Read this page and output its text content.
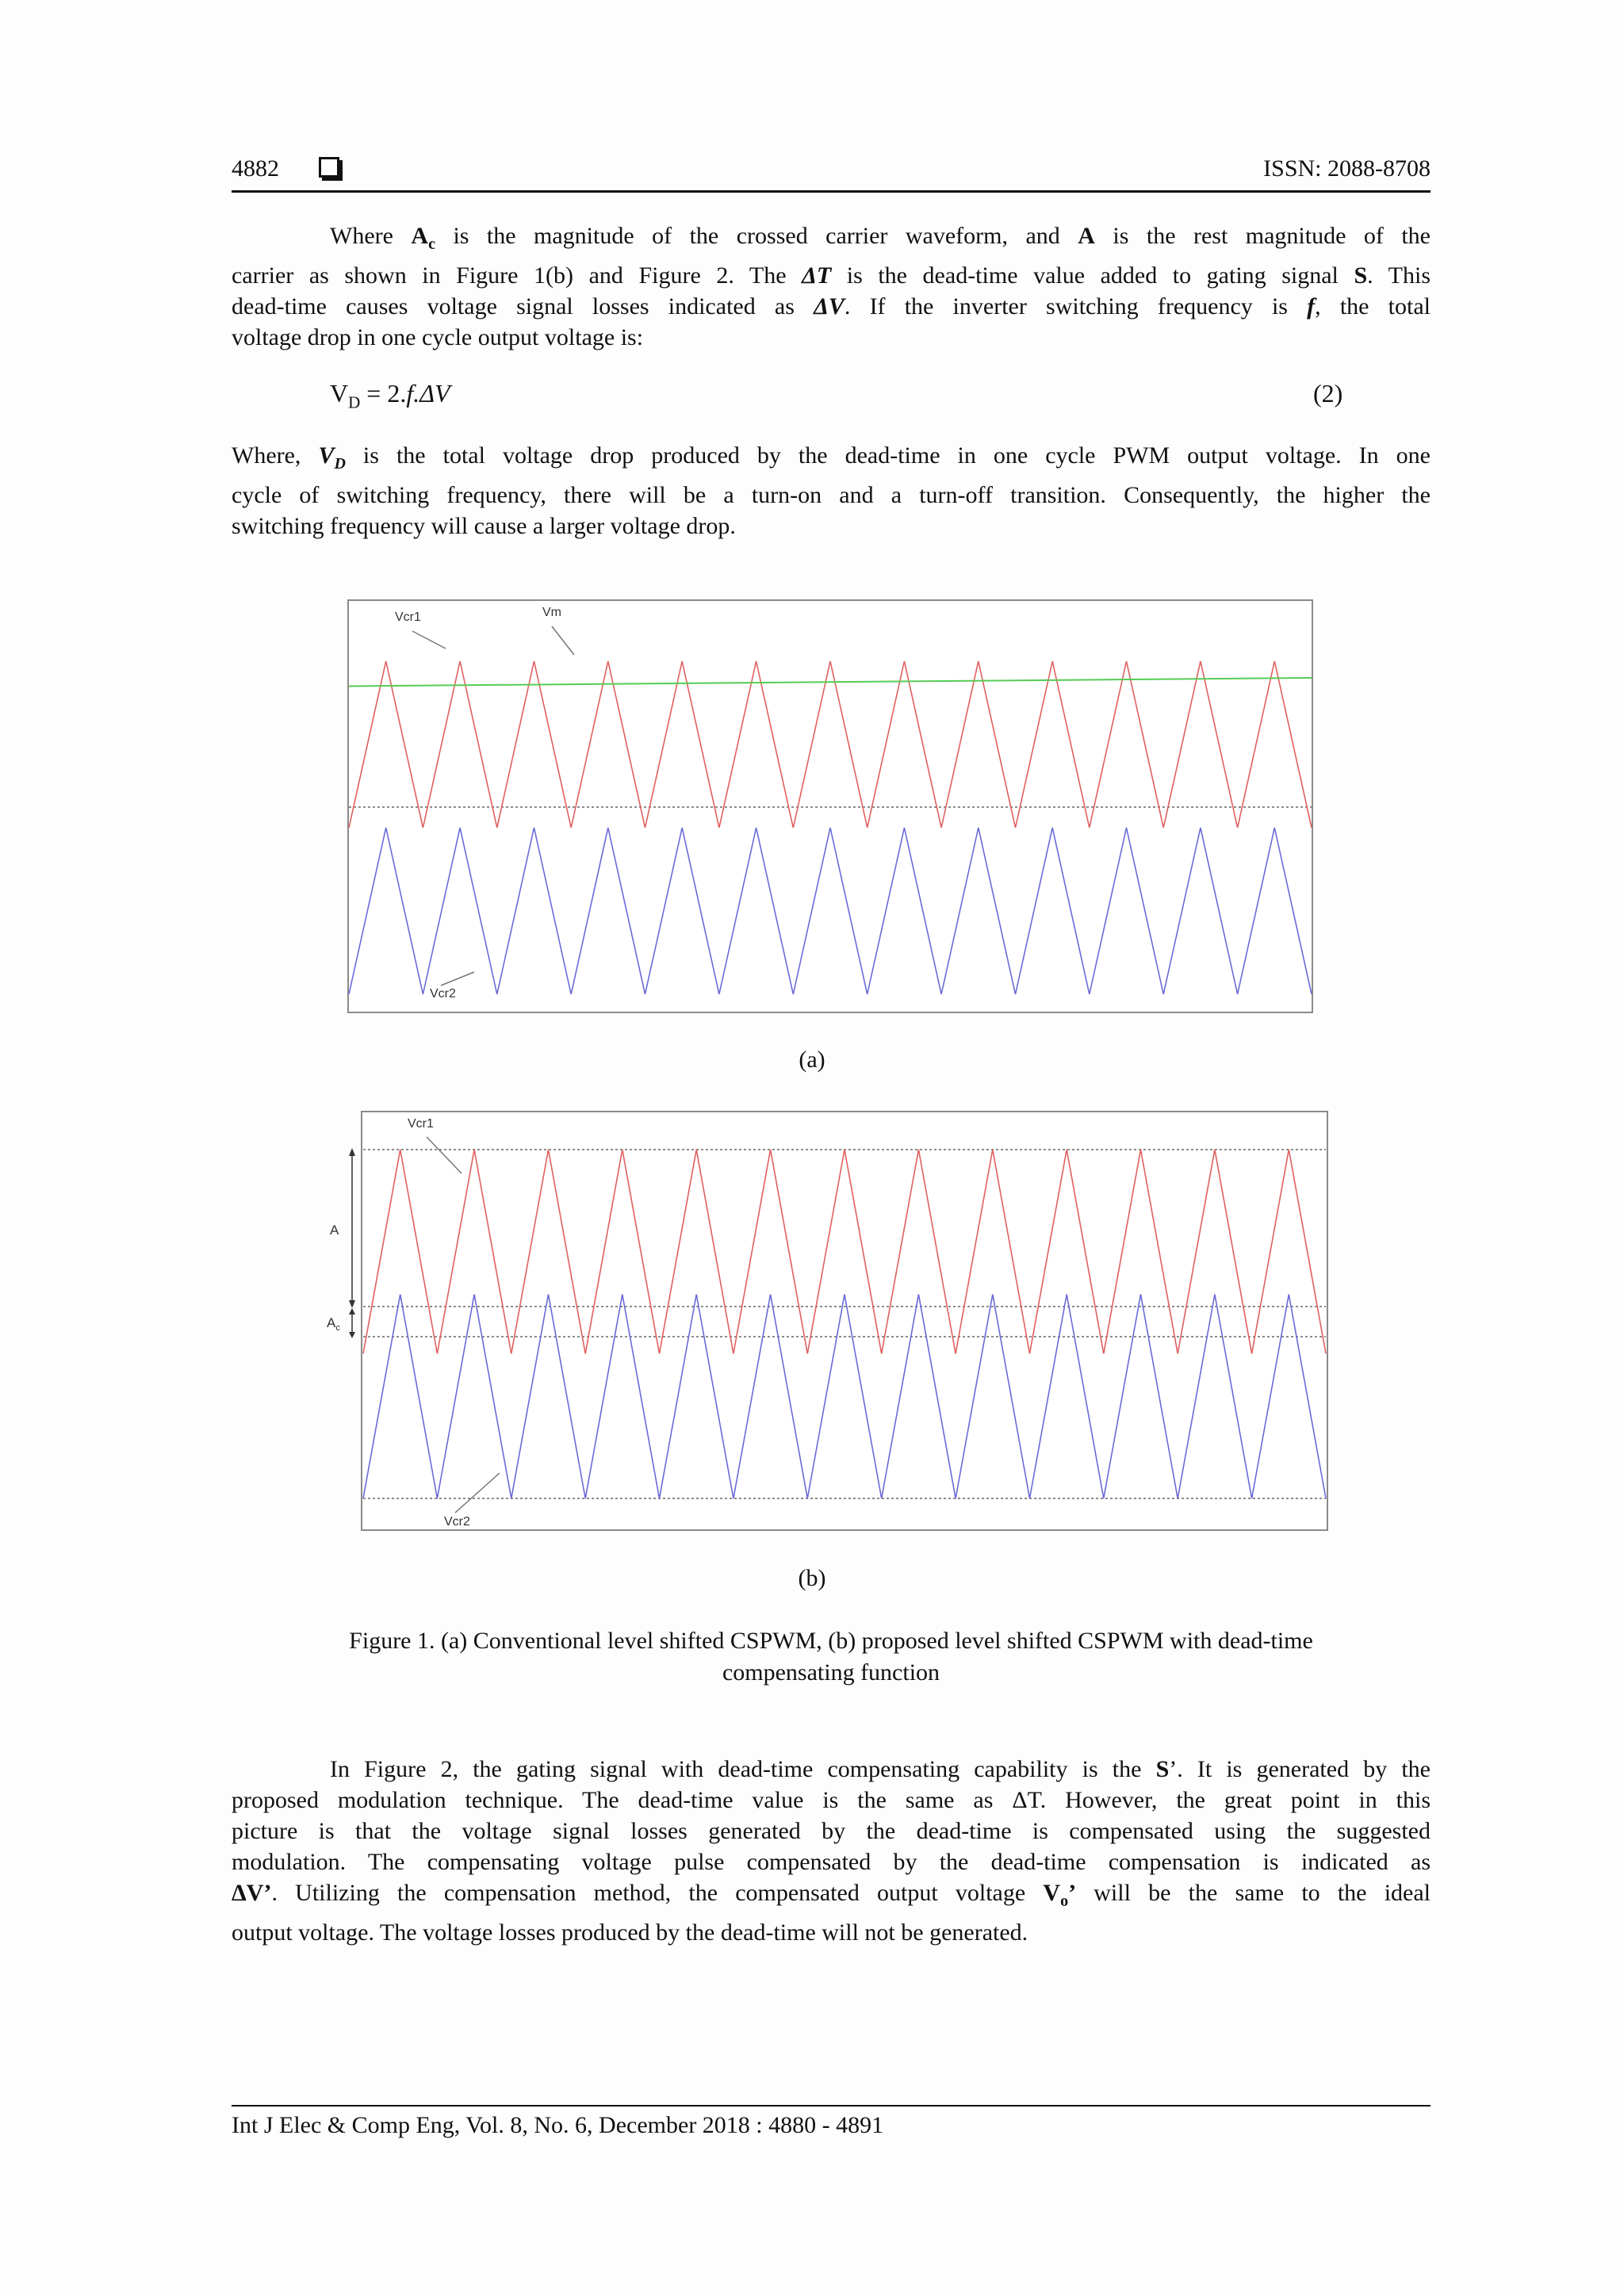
4882	ISSN: 2088-8708
Where $A_c$ is the magnitude of the crossed carrier waveform, and A is the rest magnitude of the
carrier as shown in Figure 1(b) and Figure 2. The ΔT is the dead-time value added to gating signal S. This
dead-time causes voltage signal losses indicated as ΔV. If the inverter switching frequency is f, the total
voltage drop in one cycle output voltage is:
$V_D = 2.f.\Delta V$	(2)
Where, $V_D$ is the total voltage drop produced by the dead-time in one cycle PWM output voltage. In one
cycle of switching frequency, there will be a turn-on and a turn-off transition. Consequently, the higher the
switching frequency will cause a larger voltage drop.
Vcr1	Vm
Vcr2
(a)
A
$A_c$
Vcr1
Vcr2
(b)
Figure 1. (a) Conventional level shifted CSPWM, (b) proposed level shifted CSPWM with dead-time
compensating function
In Figure 2, the gating signal with dead-time compensating capability is the S’. It is generated by the
proposed modulation technique. The dead-time value is the same as ΔT. However, the great point in this
picture is that the voltage signal losses generated by the dead-time is compensated using the suggested
modulation. The compensating voltage pulse compensated by the dead-time compensation is indicated as
ΔV’. Utilizing the compensation method, the compensated output voltage $V_o$’ will be the same to the ideal
output voltage. The voltage losses produced by the dead-time will not be generated.
Int J Elec & Comp Eng, Vol. 8, No. 6, December 2018 : 4880 - 4891
